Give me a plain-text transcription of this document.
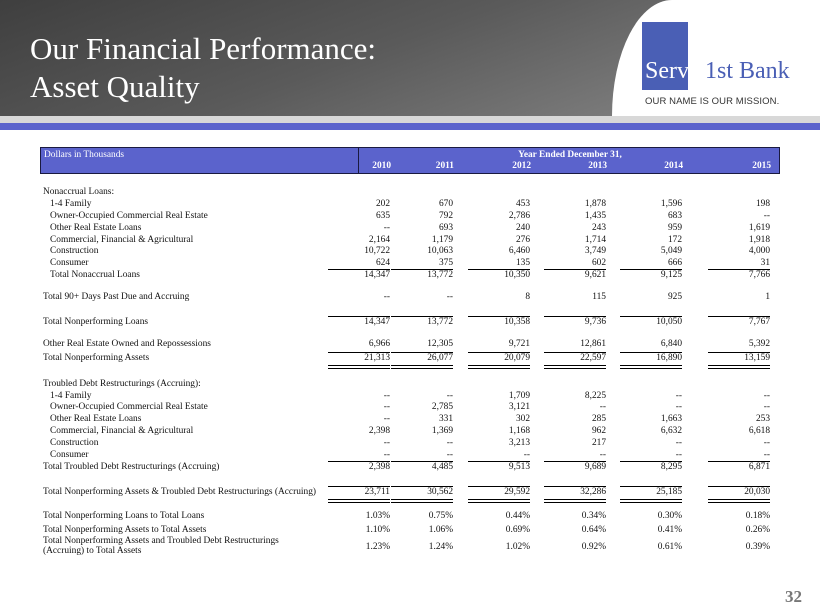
Our Financial Performance:
Asset Quality	Servis1st Bank
OUR NAME IS OUR MISSION.
Dollars in Thousands	Year Ended December 31,
2010	2011	2012	2013	2014	2015
Nonaccrual Loans:
1-4 Family	202	670	453	1,878	1,596	198
Owner-Occupied Commercial Real Estate	635	792	2,786	1,435	683	--
Other Real Estate Loans	--	693	240	243	959	1,619
Commercial, Financial & Agricultural	2,164	1,179	276	1,714	172	1,918
Construction	10,722	10,063	6,460	3,749	5,049	4,000
Consumer	624	375	135	602	666	31
Total Nonaccrual Loans	14,347	13,772	10,350	9,621	9,125	7,766
Total 90+ Days Past Due and Accruing	--	--	8	115	925	1
Total Nonperforming Loans	14,347	13,772	10,358	9,736	10,050	7,767
Other Real Estate Owned and Repossessions	6,966	12,305	9,721	12,861	6,840	5,392
Total Nonperforming Assets	21,313	26,077	20,079	22,597	16,890	13,159
Troubled Debt Restructurings (Accruing):
1-4 Family	--	--	1,709	8,225	--	--
Owner-Occupied Commercial Real Estate	--	2,785	3,121	--	--	--
Other Real Estate Loans	--	331	302	285	1,663	253
Commercial, Financial & Agricultural	2,398	1,369	1,168	962	6,632	6,618
Construction	--	--	3,213	217	--	--
Consumer	--	--	--	--	--	--
Total Troubled Debt Restructurings (Accruing)	2,398	4,485	9,513	9,689	8,295	6,871
Total Nonperforming Assets & Troubled Debt Restructurings (Accruing)	23,711	30,562	29,592	32,286	25,185	20,030
Total Nonperforming Loans to Total Loans	1.03%	0.75%	0.44%	0.34%	0.30%	0.18%
Total Nonperforming Assets to Total Assets	1.10%	1.06%	0.69%	0.64%	0.41%	0.26%
Total Nonperforming Assets and Troubled Debt Restructurings
(Accruing) to Total Assets	1.23%	1.24%	1.02%	0.92%	0.61%	0.39%
32
